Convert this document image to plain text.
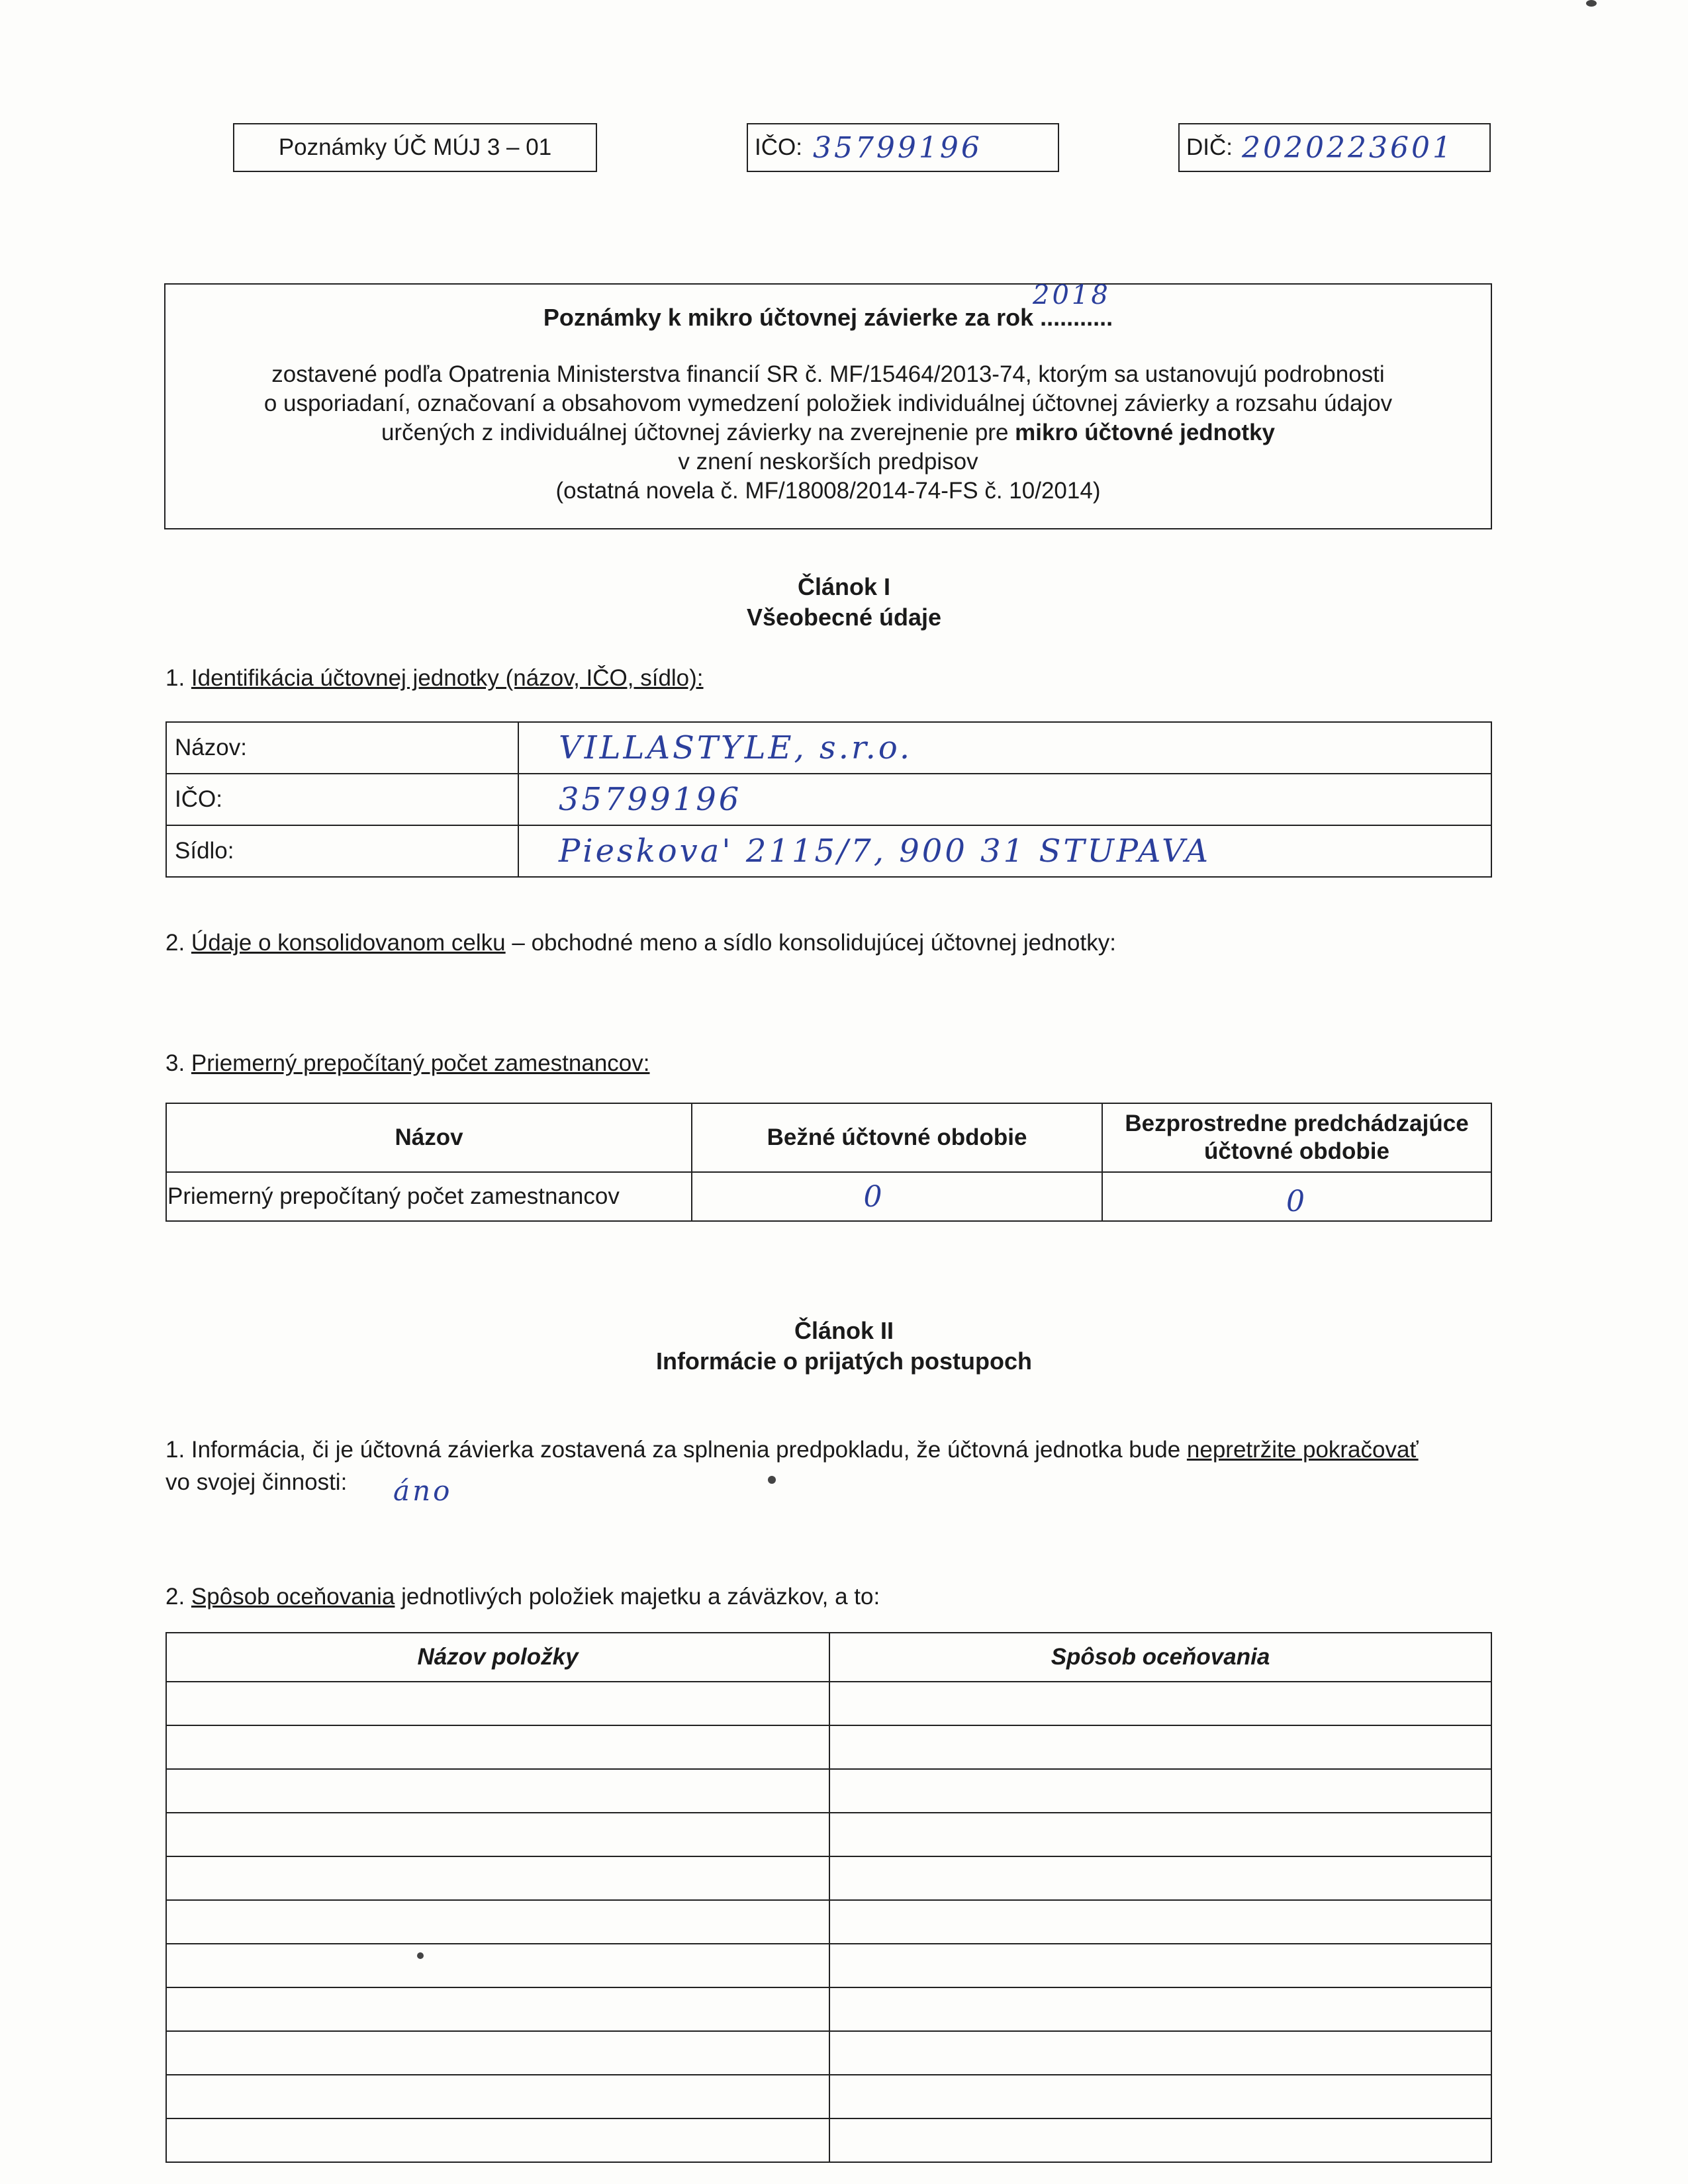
Poznámky ÚČ MÚJ 3 – 01	IČO: 35799196	DIČ: 2020223601
Poznámky k mikro účtovnej závierke za rok ...........
2018
zostavené podľa Opatrenia Ministerstva financií SR č. MF/15464/2013-74, ktorým sa ustanovujú podrobnosti
o usporiadaní, označovaní a obsahovom vymedzení položiek individuálnej účtovnej závierky a rozsahu údajov
určených z individuálnej účtovnej závierky na zverejnenie pre mikro účtovné jednotky
v znení neskorších predpisov
(ostatná novela č. MF/18008/2014-74-FS č. 10/2014)
Článok I
Všeobecné údaje
1. Identifikácia účtovnej jednotky (názov, IČO, sídlo):
Názov:	VILLASTYLE, s.r.o.
IČO:	35799196
Sídlo:	Pieskova' 2115/7, 900 31 STUPAVA
2. Údaje o konsolidovanom celku – obchodné meno a sídlo konsolidujúcej účtovnej jednotky:
3. Priemerný prepočítaný počet zamestnancov:
Názov	Bežné účtovné obdobie	Bezprostredne predchádzajúce účtovné obdobie
Priemerný prepočítaný počet zamestnancov	0	0
Článok II
Informácie o prijatých postupoch
1. Informácia, či je účtovná závierka zostavená za splnenia predpokladu, že účtovná jednotka bude nepretržite pokračovať
vo svojej činnosti: áno
2. Spôsob oceňovania jednotlivých položiek majetku a záväzkov, a to:
Názov položky	Spôsob oceňovania
